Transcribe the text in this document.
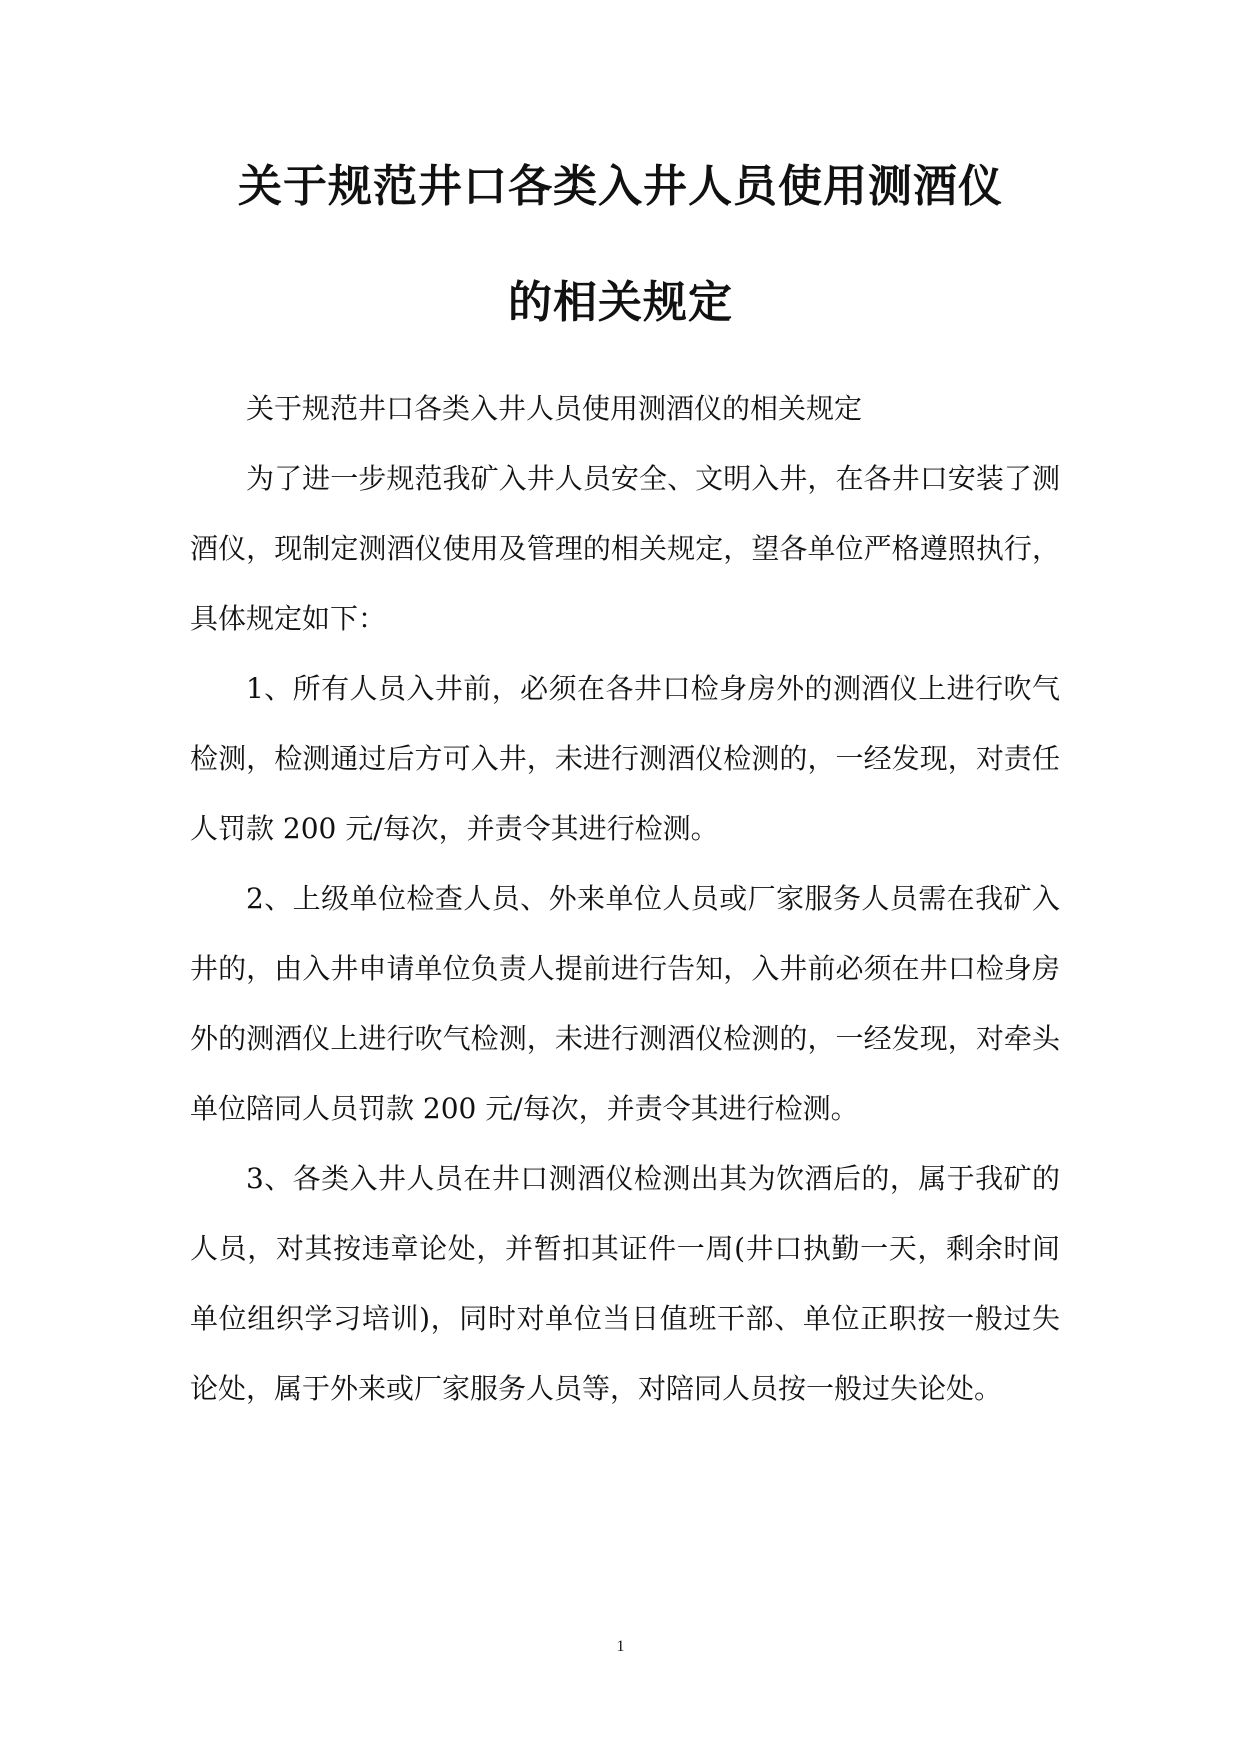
关于规范井口各类入井人员使用测酒仪
的相关规定

关于规范井口各类入井人员使用测酒仪的相关规定

为了进一步规范我矿入井人员安全、文明入井，在各井口安装了测酒仪，现制定测酒仪使用及管理的相关规定，望各单位严格遵照执行，具体规定如下：

1、所有人员入井前，必须在各井口检身房外的测酒仪上进行吹气检测，检测通过后方可入井，未进行测酒仪检测的，一经发现，对责任人罚款 200 元/每次，并责令其进行检测。

2、上级单位检查人员、外来单位人员或厂家服务人员需在我矿入井的，由入井申请单位负责人提前进行告知，入井前必须在井口检身房外的测酒仪上进行吹气检测，未进行测酒仪检测的，一经发现，对牵头单位陪同人员罚款 200 元/每次，并责令其进行检测。

3、各类入井人员在井口测酒仪检测出其为饮酒后的，属于我矿的人员，对其按违章论处，并暂扣其证件一周(井口执勤一天，剩余时间单位组织学习培训)，同时对单位当日值班干部、单位正职按一般过失论处，属于外来或厂家服务人员等，对陪同人员按一般过失论处。

1
